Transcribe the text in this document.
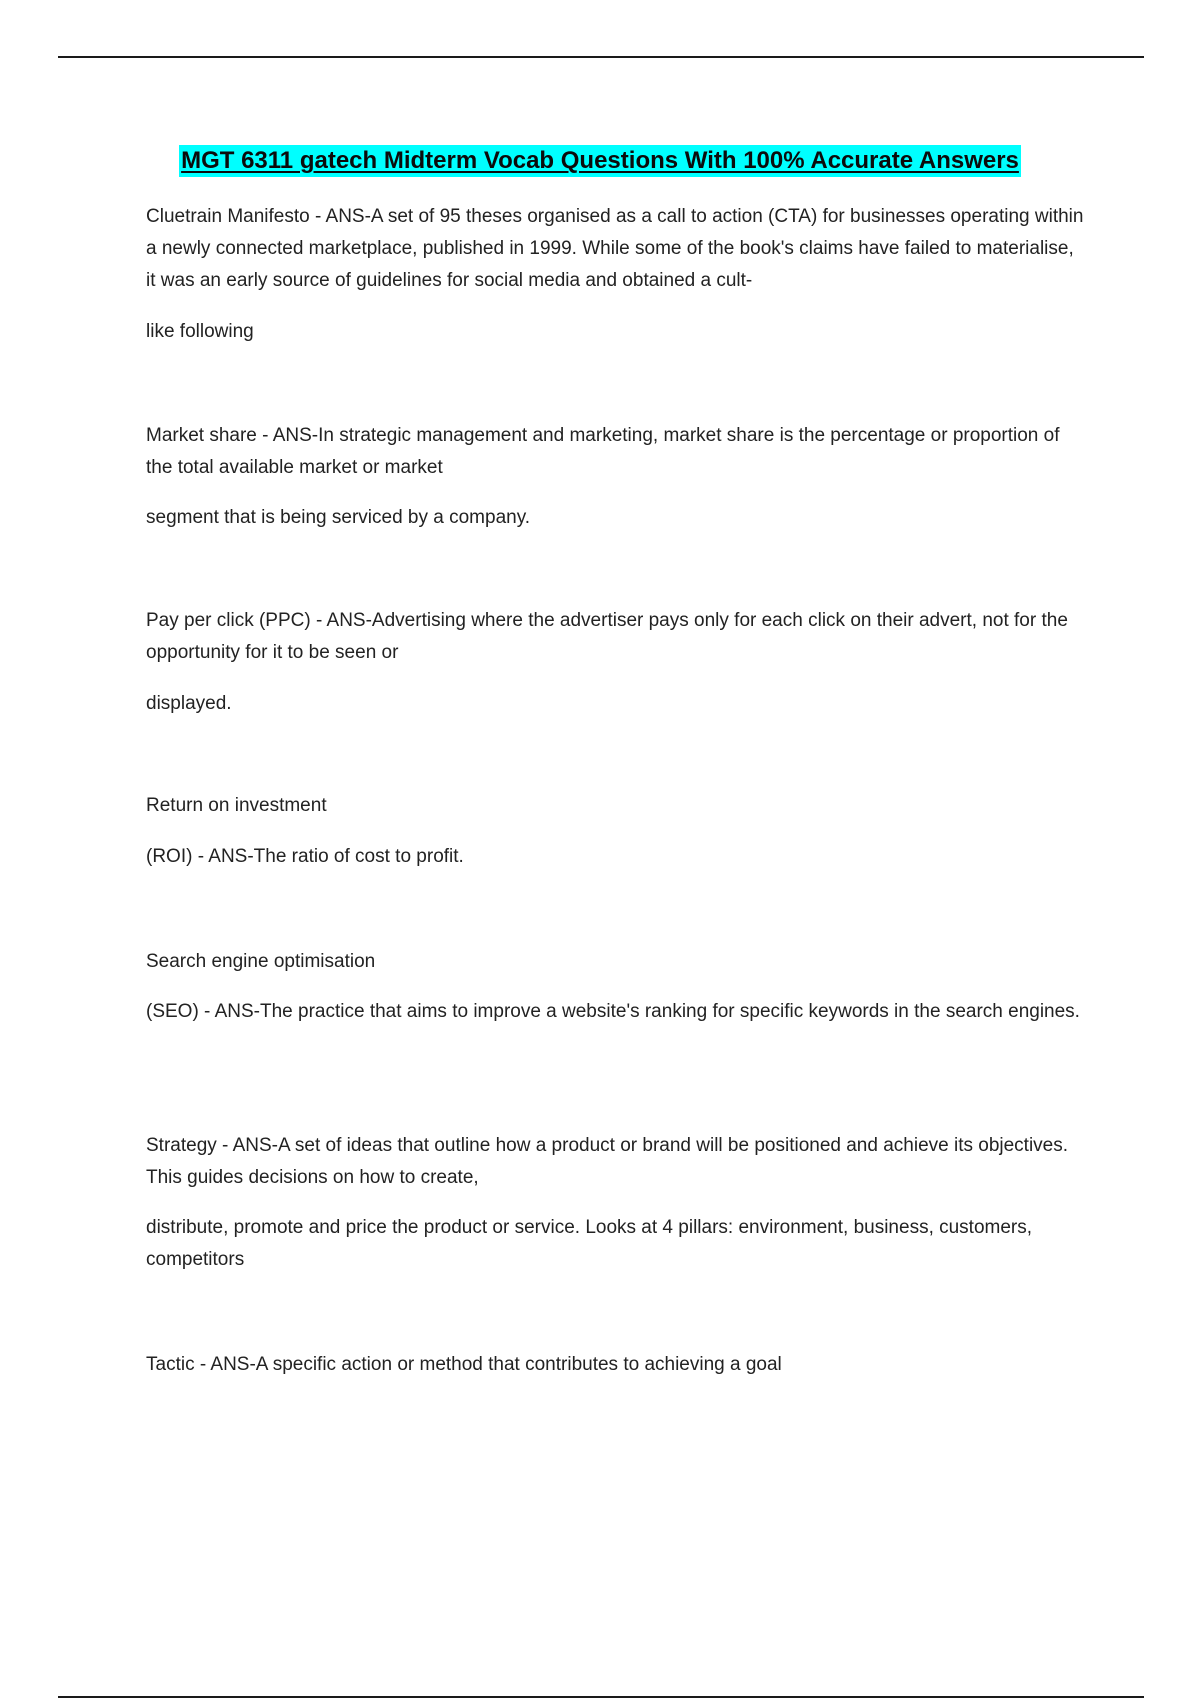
MGT 6311 gatech Midterm Vocab Questions With 100% Accurate Answers

Cluetrain Manifesto - ANS-A set of 95 theses organised as a call to action (CTA) for businesses operating within a newly connected marketplace, published in 1999. While some of the book's claims have failed to materialise, it was an early source of guidelines for social media and obtained a cult-

like following

Market share - ANS-In strategic management and marketing, market share is the percentage or proportion of the total available market or market

segment that is being serviced by a company.

Pay per click (PPC) - ANS-Advertising where the advertiser pays only for each click on their advert, not for the opportunity for it to be seen or

displayed.

Return on investment

(ROI) - ANS-The ratio of cost to profit.

Search engine optimisation

(SEO) - ANS-The practice that aims to improve a website's ranking for specific keywords in the search engines.

Strategy - ANS-A set of ideas that outline how a product or brand will be positioned and achieve its objectives. This guides decisions on how to create,

distribute, promote and price the product or service. Looks at 4 pillars: environment, business, customers, competitors

Tactic - ANS-A specific action or method that contributes to achieving a goal
